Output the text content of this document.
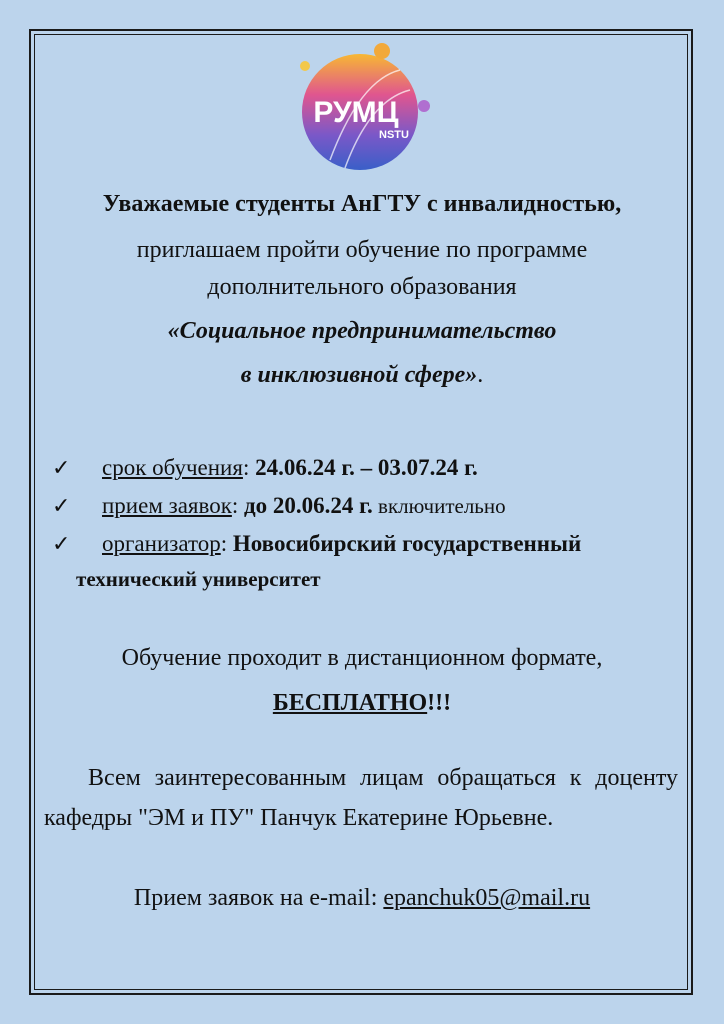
РУМЦ
NSTU
Уважаемые студенты АнГТУ с инвалидностью,
приглашаем пройти обучение по программе
дополнительного образования
«Социальное предпринимательство
в инклюзивной сфере».
✓ срок обучения: 24.06.24 г. – 03.07.24 г.
✓ прием заявок: до 20.06.24 г. включительно
✓ организатор: Новосибирский государственный
технический университет
Обучение проходит в дистанционном формате,
БЕСПЛАТНО!!!
Всем заинтересованным лицам обращаться к доценту кафедры "ЭМ и ПУ" Панчук Екатерине Юрьевне.
Прием заявок на e-mail: epanchuk05@mail.ru
